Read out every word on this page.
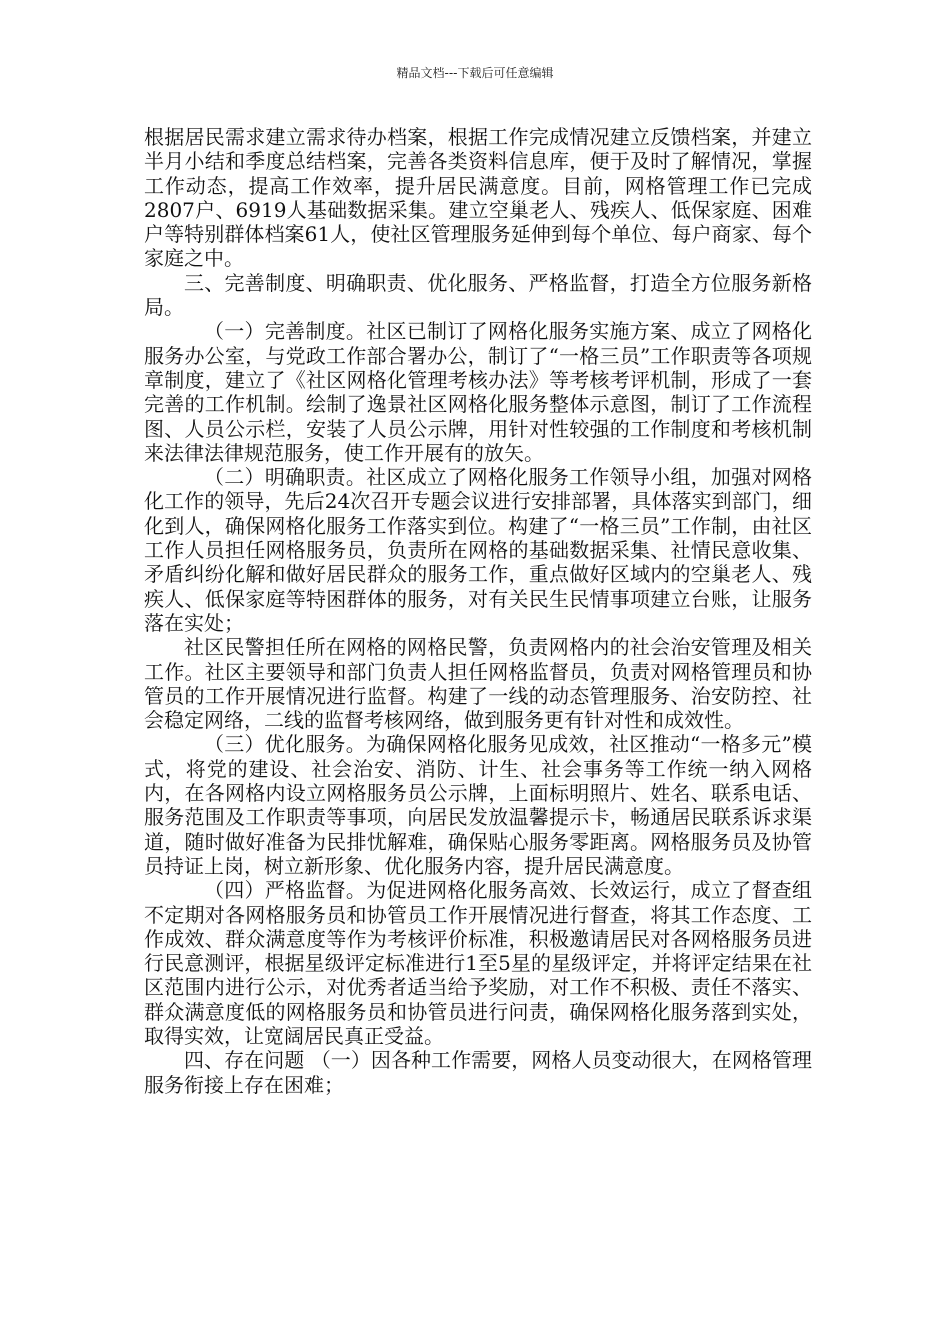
精品文档---下载后可任意编辑

根据居民需求建立需求待办档案，根据工作完成情况建立反馈档案，并建立半月小结和季度总结档案，完善各类资料信息库，便于及时了解情况，掌握工作动态，提高工作效率，提升居民满意度。目前，网格管理工作已完成2807户、6919人基础数据采集。建立空巢老人、残疾人、低保家庭、困难户等特别群体档案61人，使社区管理服务延伸到每个单位、每户商家、每个家庭之中。

三、完善制度、明确职责、优化服务、严格监督，打造全方位服务新格局。

（一）完善制度。社区已制订了网格化服务实施方案、成立了网格化服务办公室，与党政工作部合署办公，制订了“一格三员”工作职责等各项规章制度，建立了《社区网格化管理考核办法》等考核考评机制，形成了一套完善的工作机制。绘制了逸景社区网格化服务整体示意图，制订了工作流程图、人员公示栏，安装了人员公示牌，用针对性较强的工作制度和考核机制来法律法律规范服务，使工作开展有的放矢。

（二）明确职责。社区成立了网格化服务工作领导小组，加强对网格化工作的领导，先后24次召开专题会议进行安排部署，具体落实到部门，细化到人，确保网格化服务工作落实到位。构建了“一格三员”工作制，由社区工作人员担任网格服务员，负责所在网格的基础数据采集、社情民意收集、矛盾纠纷化解和做好居民群众的服务工作，重点做好区域内的空巢老人、残疾人、低保家庭等特困群体的服务，对有关民生民情事项建立台账，让服务落在实处；

社区民警担任所在网格的网格民警，负责网格内的社会治安管理及相关工作。社区主要领导和部门负责人担任网格监督员，负责对网格管理员和协管员的工作开展情况进行监督。构建了一线的动态管理服务、治安防控、社会稳定网络，二线的监督考核网络，做到服务更有针对性和成效性。

（三）优化服务。为确保网格化服务见成效，社区推动“一格多元”模式，将党的建设、社会治安、消防、计生、社会事务等工作统一纳入网格内，在各网格内设立网格服务员公示牌，上面标明照片、姓名、联系电话、服务范围及工作职责等事项，向居民发放温馨提示卡，畅通居民联系诉求渠道，随时做好准备为民排忧解难，确保贴心服务零距离。网格服务员及协管员持证上岗，树立新形象、优化服务内容，提升居民满意度。

（四）严格监督。为促进网格化服务高效、长效运行，成立了督查组不定期对各网格服务员和协管员工作开展情况进行督查，将其工作态度、工作成效、群众满意度等作为考核评价标准，积极邀请居民对各网格服务员进行民意测评，根据星级评定标准进行1至5星的星级评定，并将评定结果在社区范围内进行公示，对优秀者适当给予奖励，对工作不积极、责任不落实、群众满意度低的网格服务员和协管员进行问责，确保网格化服务落到实处，取得实效，让宽阔居民真正受益。

四、存在问题 （一）因各种工作需要，网格人员变动很大，在网格管理服务衔接上存在困难；
